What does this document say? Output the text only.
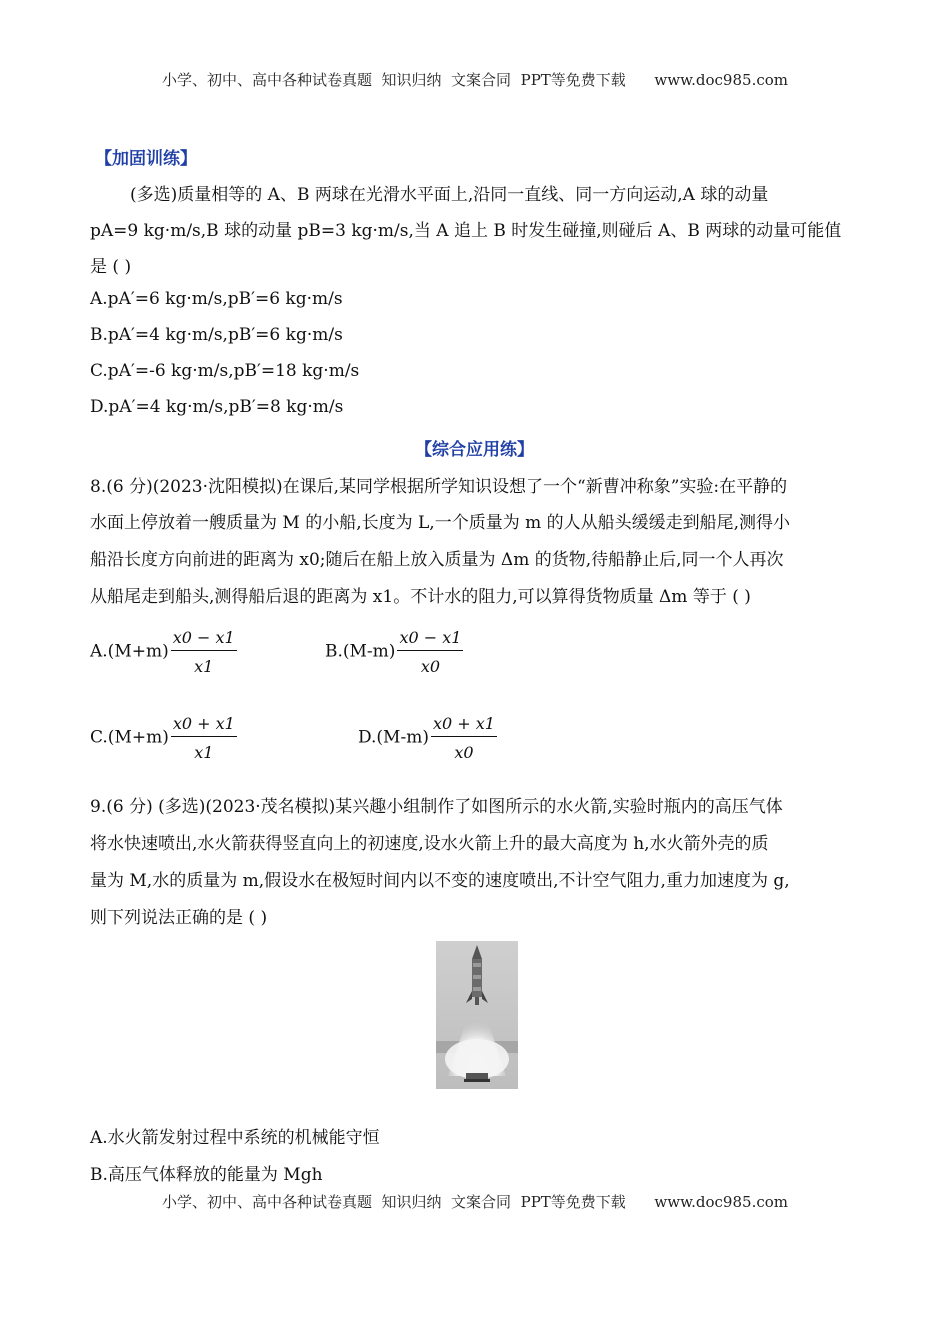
小学、初中、高中各种试卷真题  知识归纳  文案合同  PPT等免费下载      www.doc985.com
【加固训练】
(多选)质量相等的 A、B 两球在光滑水平面上,沿同一直线、同一方向运动,A 球的动量
pA=9 kg·m/s,B 球的动量 pB=3 kg·m/s,当 A 追上 B 时发生碰撞,则碰后 A、B 两球的动量可能值
是 ( )
A.pA′=6 kg·m/s,pB′=6 kg·m/s
B.pA′=4 kg·m/s,pB′=6 kg·m/s
C.pA′=-6 kg·m/s,pB′=18 kg·m/s
D.pA′=4 kg·m/s,pB′=8 kg·m/s
【综合应用练】
8.(6 分)(2023·沈阳模拟)在课后,某同学根据所学知识设想了一个“新曹冲称象”实验:在平静的
水面上停放着一艘质量为 M 的小船,长度为 L,一个质量为 m 的人从船头缓缓走到船尾,测得小
船沿长度方向前进的距离为 x0;随后在船上放入质量为 Δm 的货物,待船静止后,同一个人再次
从船尾走到船头,测得船后退的距离为 x1。不计水的阻力,可以算得货物质量 Δm 等于 ( )
$A.(M+m) \frac{x0 - x1}{x1}$	$B.(M-m) \frac{x0 - x1}{x0}$
$C.(M+m) \frac{x0 + x1}{x1}$	$D.(M-m) \frac{x0 + x1}{x0}$
9.(6 分) (多选)(2023·茂名模拟)某兴趣小组制作了如图所示的水火箭,实验时瓶内的高压气体
将水快速喷出,水火箭获得竖直向上的初速度,设水火箭上升的最大高度为 h,水火箭外壳的质
量为 M,水的质量为 m,假设水在极短时间内以不变的速度喷出,不计空气阻力,重力加速度为 g,
则下列说法正确的是 ( )
A.水火箭发射过程中系统的机械能守恒
B.高压气体释放的能量为 Mgh
小学、初中、高中各种试卷真题  知识归纳  文案合同  PPT等免费下载      www.doc985.com
